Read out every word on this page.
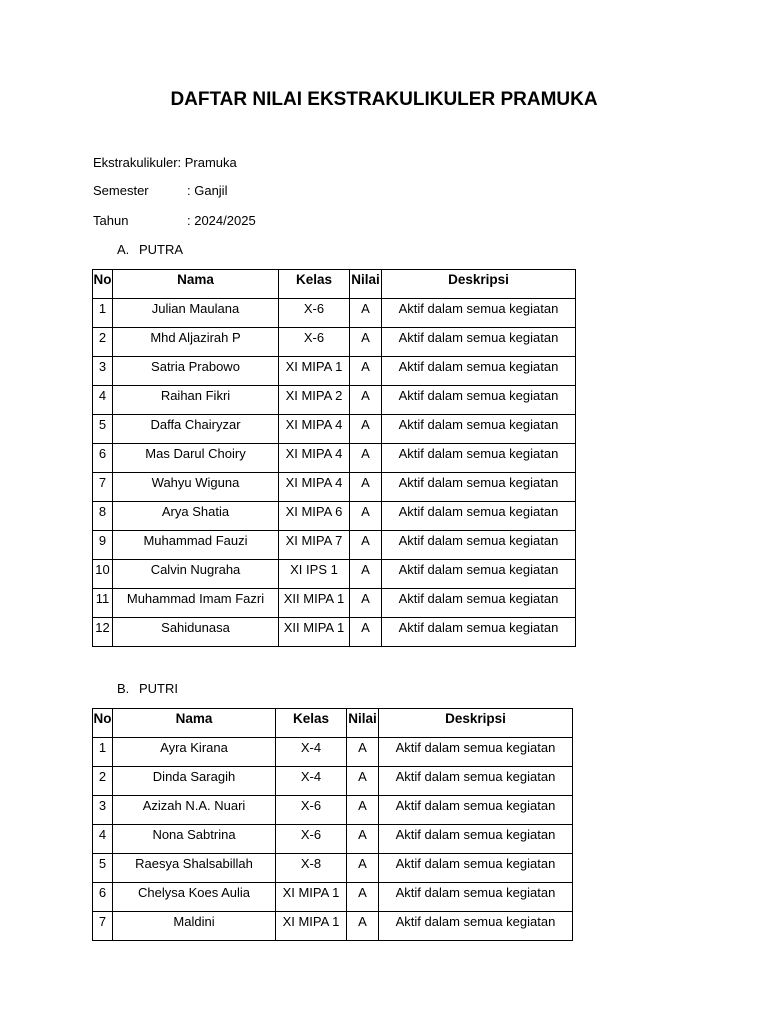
DAFTAR NILAI EKSTRAKULIKULER PRAMUKA
Ekstrakulikuler: Pramuka
Semester	: Ganjil
Tahun	: 2024/2025
A. PUTRA
No	Nama	Kelas	Nilai	Deskripsi

1	Julian Maulana	X-6	A	Aktif dalam semua kegiatan

2	Mhd Aljazirah P	X-6	A	Aktif dalam semua kegiatan

3	Satria Prabowo	XI MIPA 1	A	Aktif dalam semua kegiatan

4	Raihan Fikri	XI MIPA 2	A	Aktif dalam semua kegiatan

5	Daffa Chairyzar	XI MIPA 4	A	Aktif dalam semua kegiatan

6	Mas Darul Choiry	XI MIPA 4	A	Aktif dalam semua kegiatan

7	Wahyu Wiguna	XI MIPA 4	A	Aktif dalam semua kegiatan

8	Arya Shatia	XI MIPA 6	A	Aktif dalam semua kegiatan

9	Muhammad Fauzi	XI MIPA 7	A	Aktif dalam semua kegiatan

10	Calvin Nugraha	XI IPS 1	A	Aktif dalam semua kegiatan

11	Muhammad Imam Fazri	XII MIPA 1	A	Aktif dalam semua kegiatan

12	Sahidunasa	XII MIPA 1	A	Aktif dalam semua kegiatan
B. PUTRI
No	Nama	Kelas	Nilai	Deskripsi

1	Ayra Kirana	X-4	A	Aktif dalam semua kegiatan

2	Dinda Saragih	X-4	A	Aktif dalam semua kegiatan

3	Azizah N.A. Nuari	X-6	A	Aktif dalam semua kegiatan

4	Nona Sabtrina	X-6	A	Aktif dalam semua kegiatan

5	Raesya Shalsabillah	X-8	A	Aktif dalam semua kegiatan

6	Chelysa Koes Aulia	XI MIPA 1	A	Aktif dalam semua kegiatan

7	Maldini	XI MIPA 1	A	Aktif dalam semua kegiatan
